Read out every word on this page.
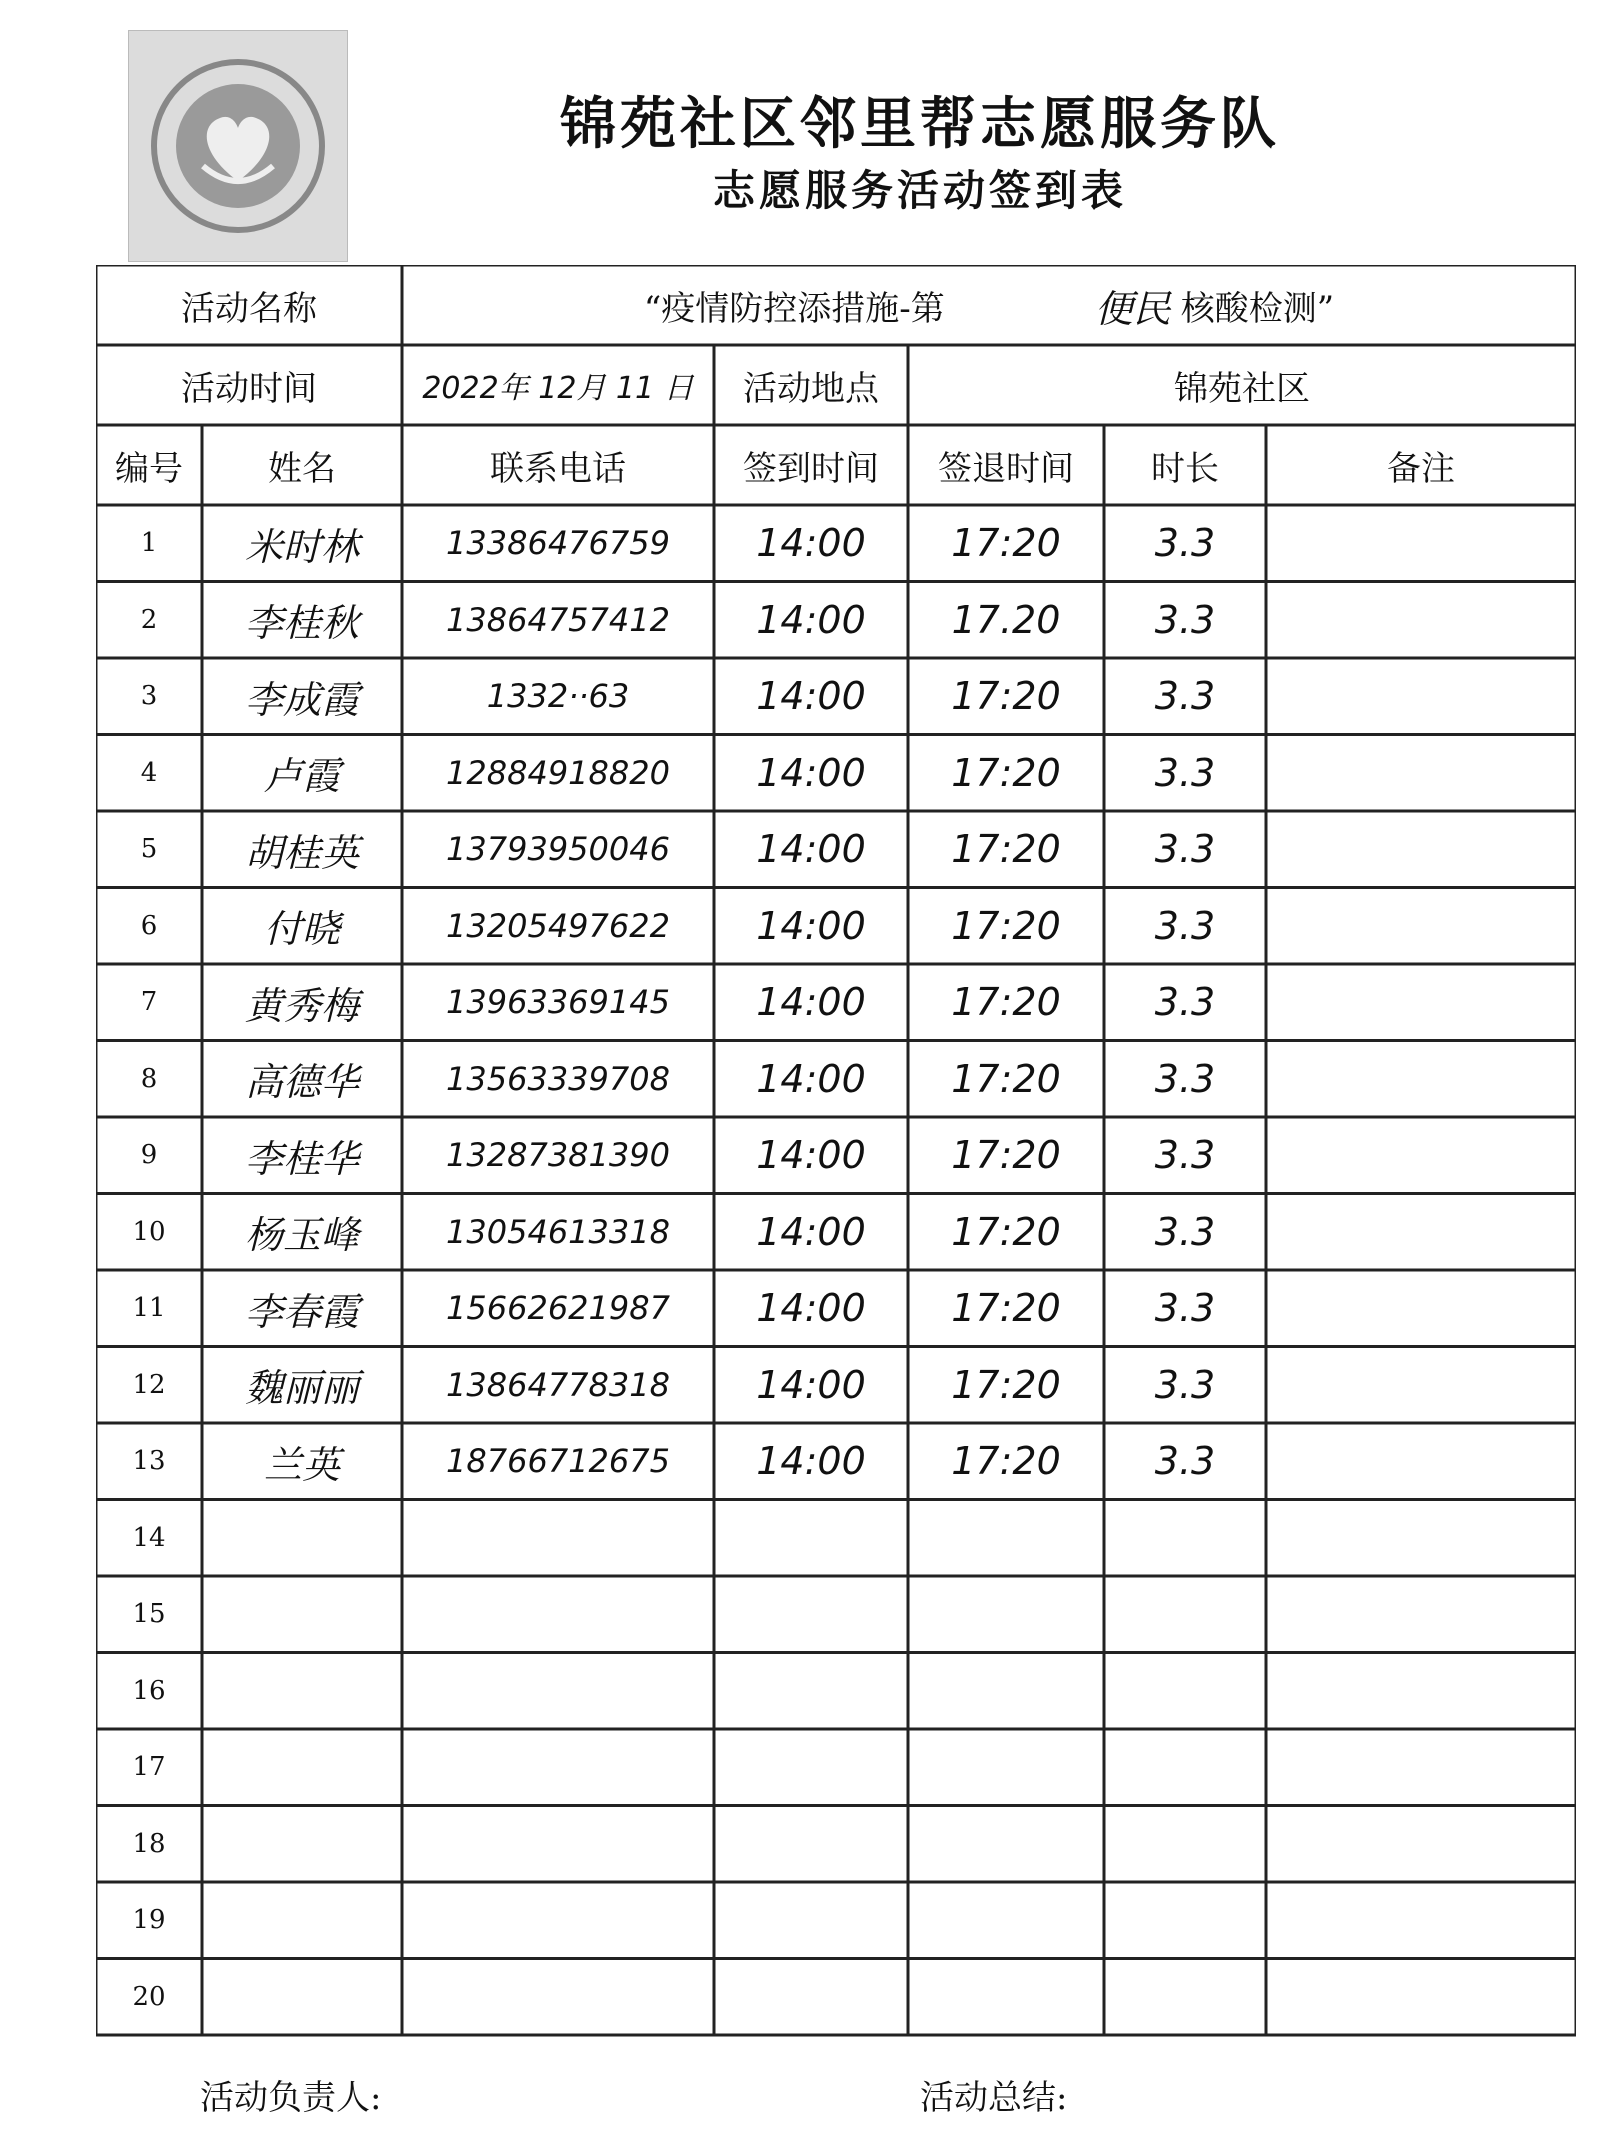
锦苑社区邻里帮志愿服务队
志愿服务活动签到表
活动名称	“疫情防控添措施-第	便民 核酸检测”
活动时间	2022年 12月 11 日	活动地点	锦苑社区
编号	姓名	联系电话	签到时间	签退时间	时长	备注
1	米时林	13386476759	14:00	17:20	3.3
2	李桂秋	13864757412	14:00	17.20	3.3
3	李成霞	1332··63	14:00	17:20	3.3
4	卢霞	12884918820	14:00	17:20	3.3
5	胡桂英	13793950046	14:00	17:20	3.3
6	付晓	13205497622	14:00	17:20	3.3
7	黄秀梅	13963369145	14:00	17:20	3.3
8	高德华	13563339708	14:00	17:20	3.3
9	李桂华	13287381390	14:00	17:20	3.3
10	杨玉峰	13054613318	14:00	17:20	3.3
11	李春霞	15662621987	14:00	17:20	3.3
12	魏丽丽	13864778318	14:00	17:20	3.3
13	兰英	18766712675	14:00	17:20	3.3
14
15
16
17
18
19
20
活动负责人:	活动总结:
